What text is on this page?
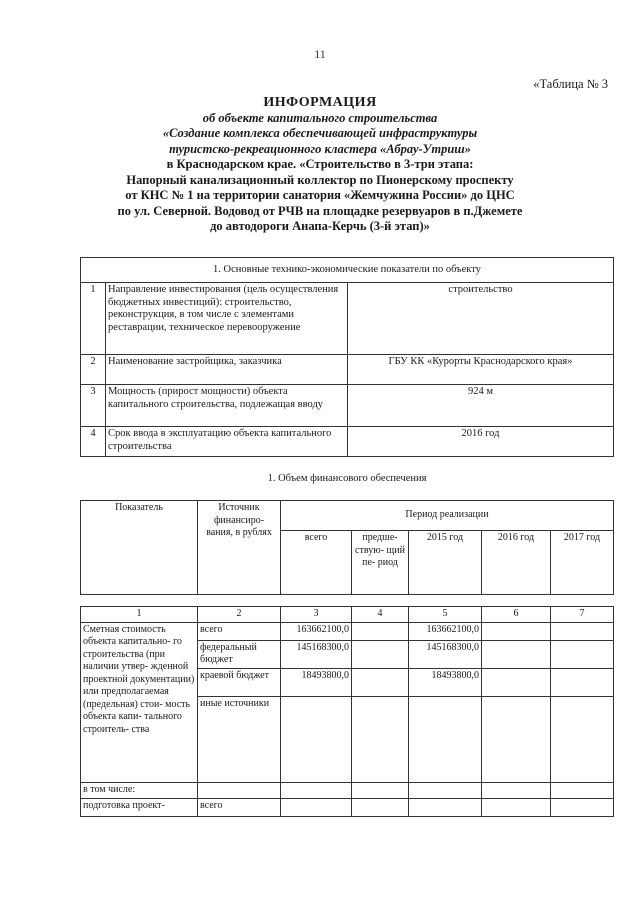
11
«Таблица № 3
ИНФОРМАЦИЯ
об объекте капитального строительства
«Создание комплекса обеспечивающей инфраструктуры
туристско-рекреационного кластера «Абрау-Утриш»
в Краснодарском крае. «Строительство в 3-три этапа:
Напорный канализационный коллектор по Пионерскому проспекту
от КНС № 1 на территории санатория «Жемчужина России» до ЦНС
по ул. Северной. Водовод от РЧВ на площадке резервуаров в п.Джемете
до автодороги Анапа-Керчь (3-й этап)»
1. Основные технико-экономические показатели по объекту		
1	Направление инвестирования (цель осуществления бюджетных инвестиций): строительство, реконструкция, в том числе с элементами реставрации, техническое перевооружение	строительство
2	Наименование застройщика, заказчика	ГБУ КК «Курорты Краснодарского края»
3	Мощность (прирост мощности) объекта капитального строительства, подлежащая вводу	924 м
4	Срок ввода в эксплуатацию объекта капитального строительства	2016 год
1. Объем финансового обеспечения
Показатель	Источник финансиро- вания, в рублях	Период реализации				
		всего	предше- ствую- щий пе- риод	2015 год	2016 год	2017 год
1	2	3	4	5	6	7
Сметная стоимость объекта капитально- го строительства (при наличии утвер- жденной проектной документации) или предполагаемая (предельная) стои- мость объекта капи- тального строитель- ства	всего	163662100,0		163662100,0		
	федеральный бюджет	145168300,0		145168300,0		
	краевой бюджет	18493800,0		18493800,0		
	иные источники					
в том числе:						
подготовка проект-	всего					
